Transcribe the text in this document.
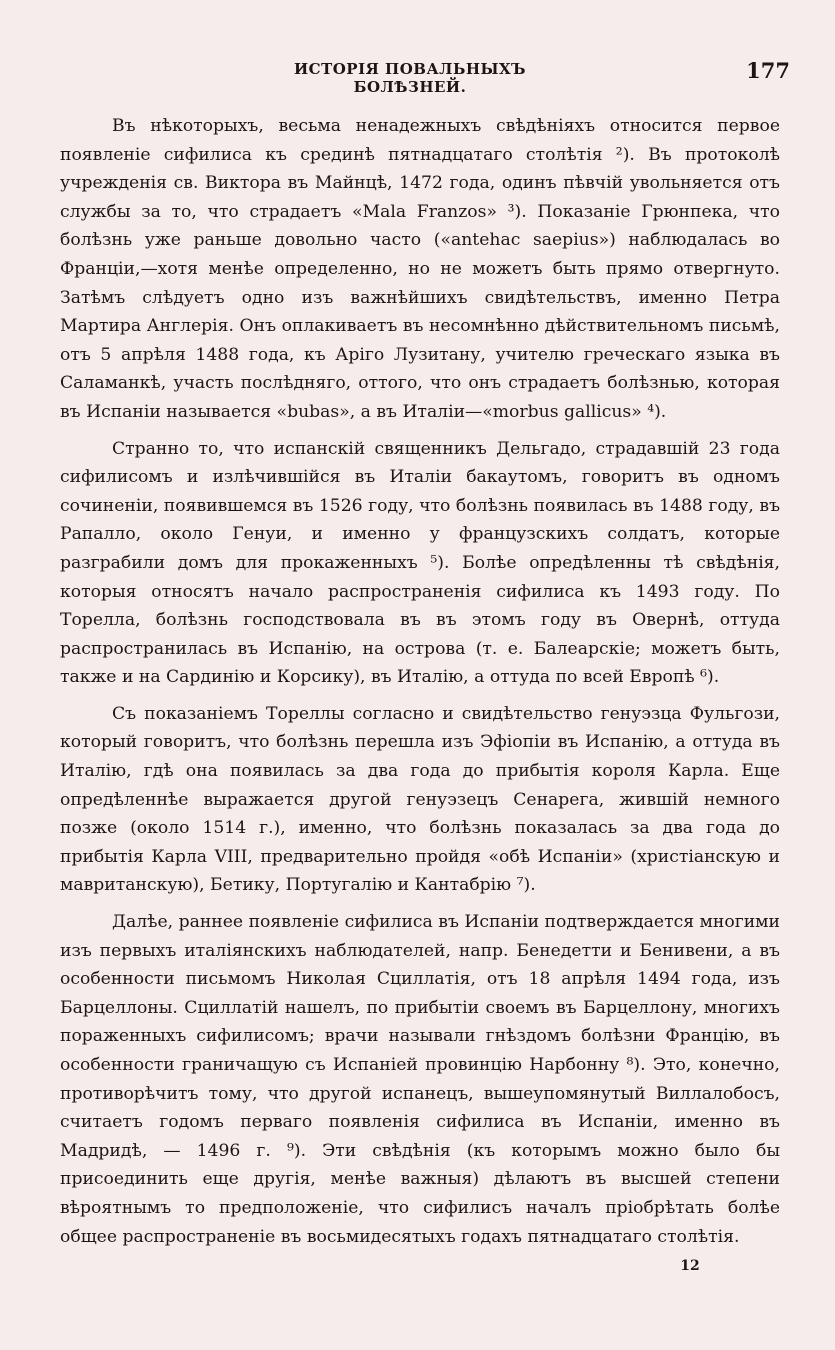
ИСТОРІЯ ПОВАЛЬНЫХЪ БОЛѢЗНЕЙ.
177

Въ нѣкоторыхъ, весьма ненадежныхъ свѣдѣніяхъ относится первое появленіе сифилиса къ срединѣ пятнадцатаго столѣтія ²). Въ протоколѣ учрежденія св. Виктора въ Майнцѣ, 1472 года, одинъ пѣвчій увольняется отъ службы за то, что страдаетъ «Mala Franzos» ³). Показаніе Грюнпека, что болѣзнь уже раньше довольно часто («antehac saepius») наблюдалась во Франціи,—хотя менѣе определенно, но не можетъ быть прямо отвергнуто. Затѣмъ слѣдуетъ одно изъ важнѣйшихъ свидѣтельствъ, именно Петра Мартира Англерія. Онъ оплакиваетъ въ несомнѣнно дѣйствительномъ письмѣ, отъ 5 апрѣля 1488 года, къ Аріго Лузитану, учителю греческаго языка въ Саламанкѣ, участь послѣдняго, оттого, что онъ страдаетъ болѣзнью, которая въ Испаніи называется «bubas», а въ Италіи—«morbus gallicus» ⁴).

Странно то, что испанскій священникъ Дельгадо, страдавшій 23 года сифилисомъ и излѣчившійся въ Италіи бакаутомъ, говоритъ въ одномъ сочиненіи, появившемся въ 1526 году, что болѣзнь появилась въ 1488 году, въ Рапалло, около Генуи, и именно у французскихъ солдатъ, которые разграбили домъ для прокаженныхъ ⁵). Болѣе опредѣленны тѣ свѣдѣнія, которыя относятъ начало распространенія сифилиса къ 1493 году. По Торелла, болѣзнь господствовала въ въ этомъ году въ Овернѣ, оттуда распространилась въ Испанію, на острова (т. е. Балеарскіе; можетъ быть, также и на Сардинію и Корсику), въ Италію, а оттуда по всей Европѣ ⁶).

Съ показаніемъ Тореллы согласно и свидѣтельство генуэзца Фульгози, который говоритъ, что болѣзнь перешла изъ Эфіопіи въ Испанію, а оттуда въ Италію, гдѣ она появилась за два года до прибытія короля Карла. Еще опредѣленнѣе выражается другой генуэзецъ Сенарега, жившій немного позже (около 1514 г.), именно, что болѣзнь показалась за два года до прибытія Карла VIII, предварительно пройдя «обѣ Испаніи» (христіанскую и мавританскую), Бетику, Португалію и Кантабрію ⁷).

Далѣе, раннее появленіе сифилиса въ Испаніи подтверждается многими изъ первыхъ италіянскихъ наблюдателей, напр. Бенедетти и Бенивени, а въ особенности письмомъ Николая Сциллатія, отъ 18 апрѣля 1494 года, изъ Барцеллоны. Сциллатій нашелъ, по прибытіи своемъ въ Барцеллону, многихъ пораженныхъ сифилисомъ; врачи называли гнѣздомъ болѣзни Францію, въ особенности граничащую съ Испаніей провинцію Нарбонну ⁸). Это, конечно, противорѣчитъ тому, что другой испанецъ, вышеупомянутый Виллалобосъ, считаетъ годомъ перваго появленія сифилиса въ Испаніи, именно въ Мадридѣ, — 1496 г. ⁹). Эти свѣдѣнія (къ которымъ можно было бы присоединить еще другія, менѣе важныя) дѣлаютъ въ высшей степени вѣроятнымъ то предположеніе, что сифилисъ началъ пріобрѣтать болѣе общее распространеніе въ восьмидесятыхъ годахъ пятнадцатаго столѣтія.

12
